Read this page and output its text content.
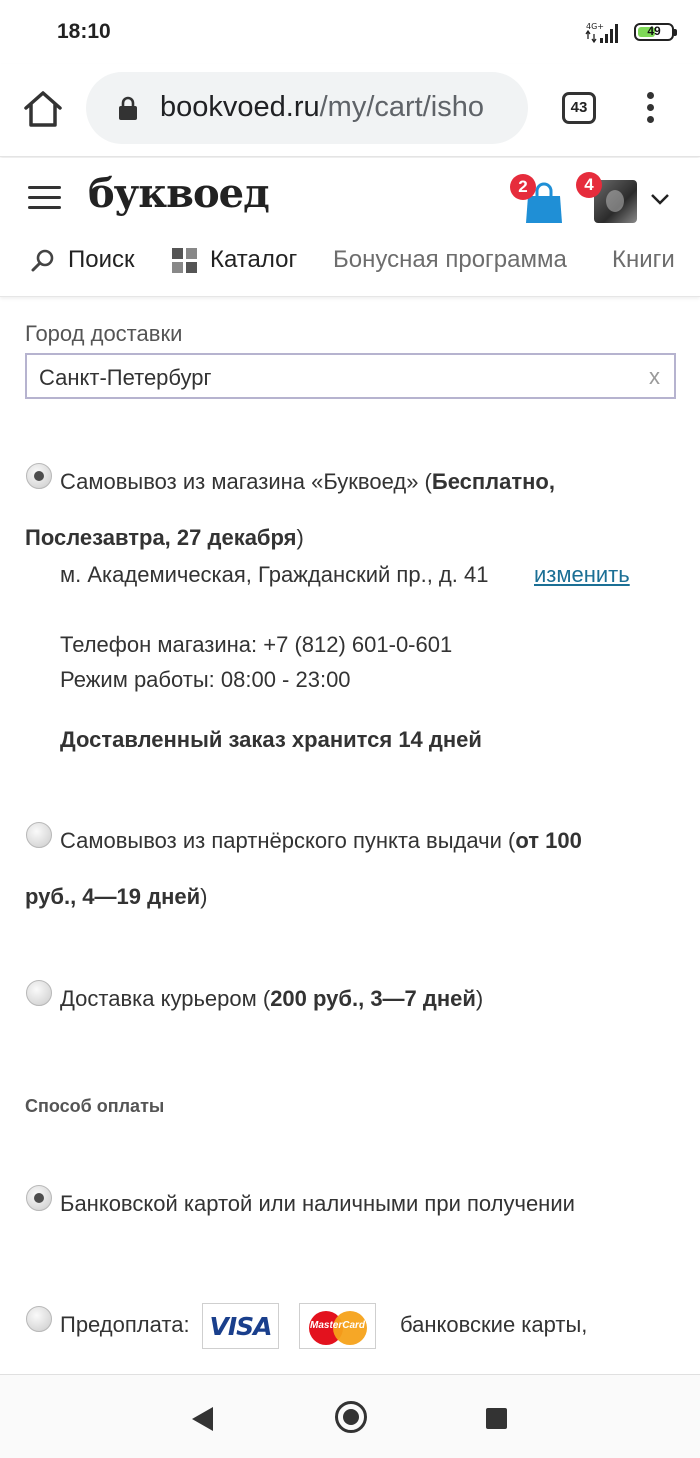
18:10	4G+	49
bookvoed.ru/my/cart/isho	43
буквоед	2	4
Поиск	Каталог Бонусная программа Книги
Город доставки
Санкт-Петербург	x
Самовывоз из магазина «Буквоед» (Бесплатно,
Послезавтра, 27 декабря)
м. Академическая, Гражданский пр., д. 41 изменить
Телефон магазина: +7 (812) 601-0-601
Режим работы: 08:00 - 23:00
Доставленный заказ хранится 14 дней
Самовывоз из партнёрского пункта выдачи (от 100
руб., 4—19 дней)
Доставка курьером (200 руб., 3—7 дней)
Способ оплаты
Банковской картой или наличными при получении
Предоплата: VISA	MasterCard	банковские карты,
